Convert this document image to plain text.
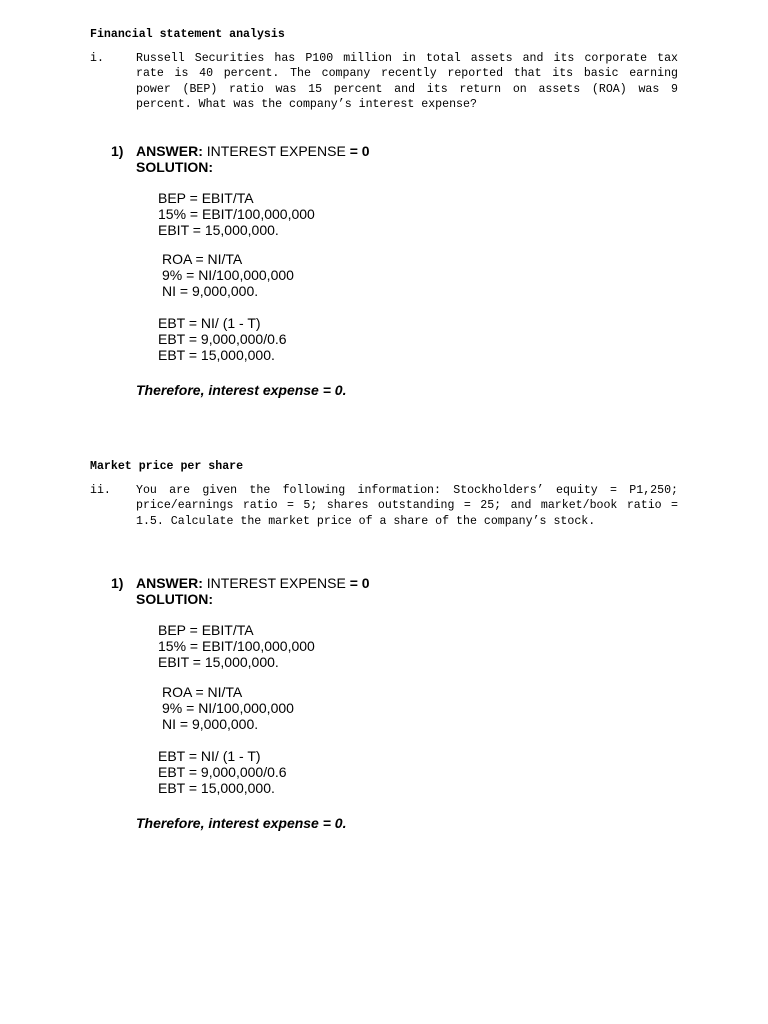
Financial statement analysis
i.	Russell Securities has P100 million in total assets and its corporate tax rate is 40 percent. The company recently reported that its basic earning power (BEP) ratio was 15 percent and its return on assets (ROA) was 9 percent. What was the company’s interest expense?
1) ANSWER: INTEREST EXPENSE = 0
SOLUTION:
BEP = EBIT/TA
15% = EBIT/100,000,000
EBIT = 15,000,000.
ROA = NI/TA
9% = NI/100,000,000
NI = 9,000,000.
EBT = NI/ (1 - T)
EBT = 9,000,000/0.6
EBT = 15,000,000.
Therefore, interest expense = 0.
Market price per share
ii. You are given the following information: Stockholders’ equity = P1,250; price/earnings ratio = 5; shares outstanding = 25; and market/book ratio = 1.5. Calculate the market price of a share of the company’s stock.
1) ANSWER: INTEREST EXPENSE = 0
SOLUTION:
BEP = EBIT/TA
15% = EBIT/100,000,000
EBIT = 15,000,000.
ROA = NI/TA
9% = NI/100,000,000
NI = 9,000,000.
EBT = NI/ (1 - T)
EBT = 9,000,000/0.6
EBT = 15,000,000.
Therefore, interest expense = 0.
